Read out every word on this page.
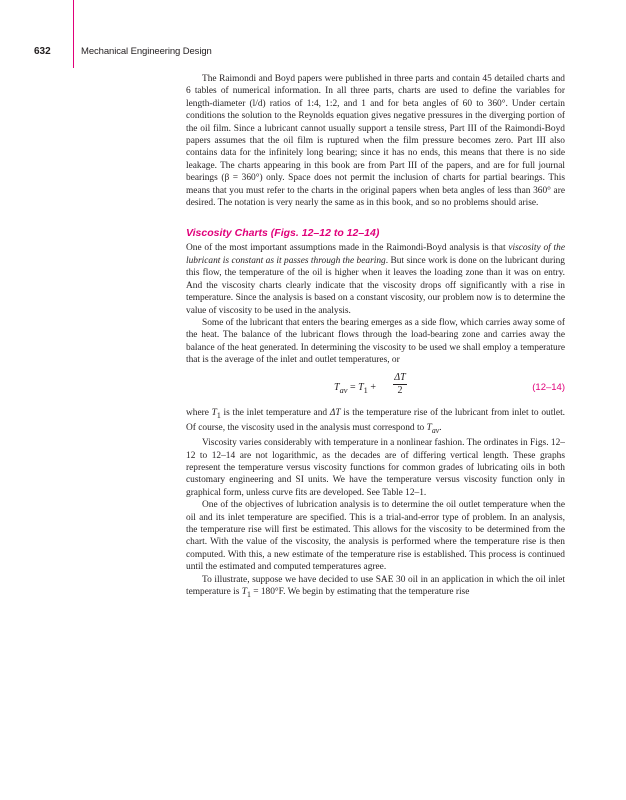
632	Mechanical Engineering Design

The Raimondi and Boyd papers were published in three parts and contain 45 detailed charts and 6 tables of numerical information. In all three parts, charts are used to define the variables for length-diameter (l/d) ratios of 1:4, 1:2, and 1 and for beta angles of 60 to 360°. Under certain conditions the solution to the Reynolds equation gives negative pressures in the diverging portion of the oil film. Since a lubricant cannot usually support a tensile stress, Part III of the Raimondi-Boyd papers assumes that the oil film is ruptured when the film pressure becomes zero. Part III also contains data for the infinitely long bearing; since it has no ends, this means that there is no side leakage. The charts appearing in this book are from Part III of the papers, and are for full journal bearings (β = 360°) only. Space does not permit the inclusion of charts for partial bearings. This means that you must refer to the charts in the original papers when beta angles of less than 360° are desired. The notation is very nearly the same as in this book, and so no problems should arise.

Viscosity Charts (Figs. 12–12 to 12–14)

One of the most important assumptions made in the Raimondi-Boyd analysis is that viscosity of the lubricant is constant as it passes through the bearing. But since work is done on the lubricant during this flow, the temperature of the oil is higher when it leaves the loading zone than it was on entry. And the viscosity charts clearly indicate that the viscosity drops off significantly with a rise in temperature. Since the analysis is based on a constant viscosity, our problem now is to determine the value of viscosity to be used in the analysis.

Some of the lubricant that enters the bearing emerges as a side flow, which carries away some of the heat. The balance of the lubricant flows through the load-bearing zone and carries away the balance of the heat generated. In determining the viscosity to be used we shall employ a temperature that is the average of the inlet and outlet temperatures, or

$T_{av} = T_1$ +
ΔT
2	(12–14)

where $T_1$ is the inlet temperature and ΔT is the temperature rise of the lubricant from inlet to outlet. Of course, the viscosity used in the analysis must correspond to $T_{av}$.

Viscosity varies considerably with temperature in a nonlinear fashion. The ordinates in Figs. 12–12 to 12–14 are not logarithmic, as the decades are of differing vertical length. These graphs represent the temperature versus viscosity functions for common grades of lubricating oils in both customary engineering and SI units. We have the temperature versus viscosity function only in graphical form, unless curve fits are developed. See Table 12–1.

One of the objectives of lubrication analysis is to determine the oil outlet temperature when the oil and its inlet temperature are specified. This is a trial-and-error type of problem. In an analysis, the temperature rise will first be estimated. This allows for the viscosity to be determined from the chart. With the value of the viscosity, the analysis is performed where the temperature rise is then computed. With this, a new estimate of the temperature rise is established. This process is continued until the estimated and computed temperatures agree.

To illustrate, suppose we have decided to use SAE 30 oil in an application in which the oil inlet temperature is $T_1 = 180^\circ F$. We begin by estimating that the temperature rise
